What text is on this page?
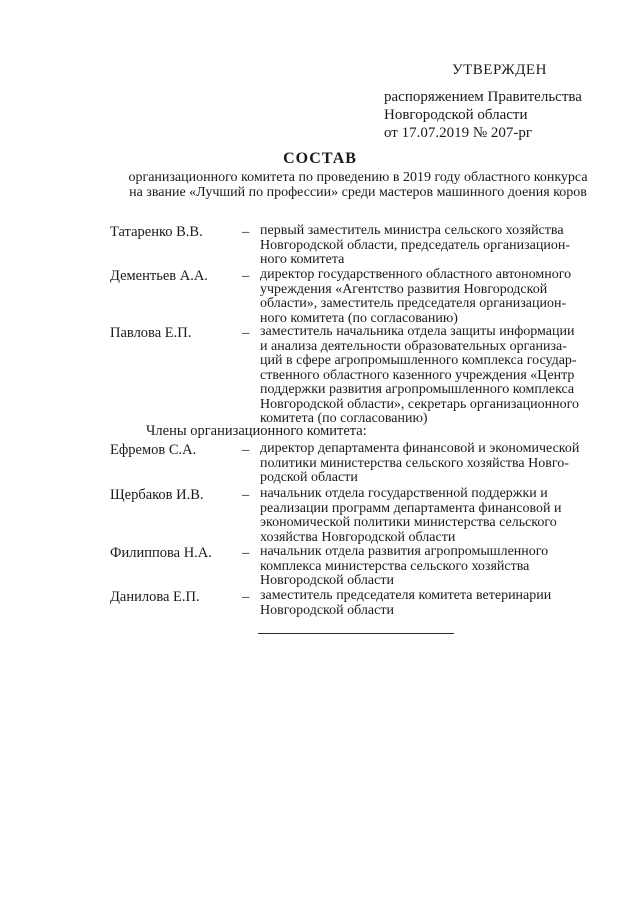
УТВЕРЖДЕН
распоряжением Правительства
Новгородской области
от 17.07.2019 № 207-рг
СОСТАВ
организационного комитета по проведению в 2019 году областного конкурса
на звание «Лучший по профессии» среди мастеров машинного доения коров
Татаренко В.В.	– первый заместитель министра сельского хозяйства
Новгородской области, председатель организацион-
ного комитета
Дементьев А.А. – директор государственного областного автономного
учреждения «Агентство развития Новгородской
области», заместитель председателя организацион-
ного комитета (по согласованию)
Павлова Е.П.	– заместитель начальника отдела защиты информации
и анализа деятельности образовательных организа-
ций в сфере агропромышленного комплекса государ-
ственного областного казенного учреждения «Центр
поддержки развития агропромышленного комплекса
Новгородской области», секретарь организационного
комитета (по согласованию)
Члены организационного комитета:
Ефремов С.А.	– директор департамента финансовой и экономической
политики министерства сельского хозяйства Новго-
родской области
Щербаков И.В.	– начальник отдела государственной поддержки и
реализации программ департамента финансовой и
экономической политики министерства сельского
хозяйства Новгородской области
Филиппова Н.А. – начальник отдела развития агропромышленного
комплекса министерства сельского хозяйства
Новгородской области
Данилова Е.П.	– заместитель председателя комитета ветеринарии
Новгородской области
